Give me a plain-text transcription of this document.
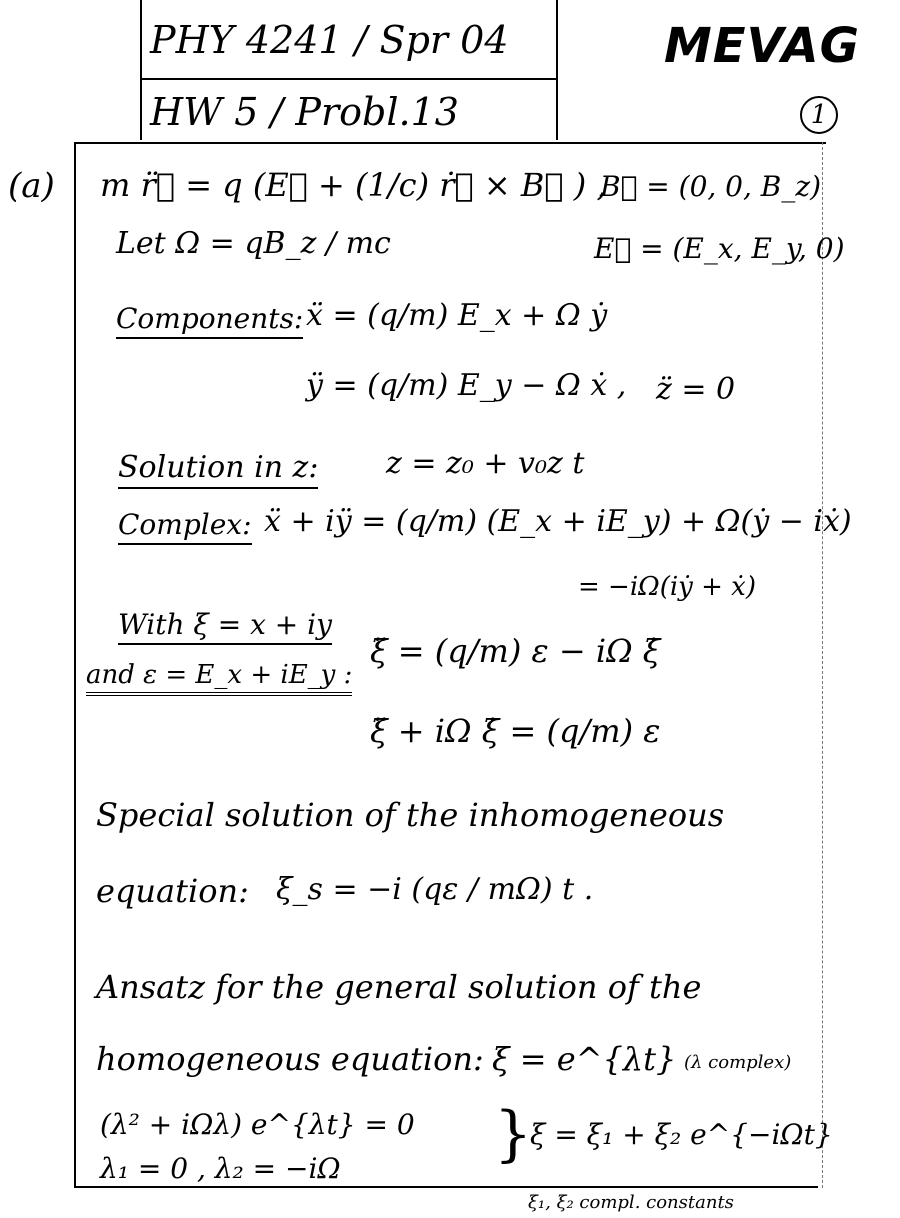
PHY 4241 / Spr 04
HW 5 / Probl.13
MEVAG
1
(a) m r̈⃗ = q (E⃗ + (1/c) ṙ⃗ × B⃗ ) ,
B⃗ = (0, 0, B_z)
Let Ω = qB_z / mc	E⃗ = (E_x, E_y, 0)
Components: ẍ = (q/m) E_x + Ω ẏ
ÿ = (q/m) E_y − Ω ẋ , z̈ = 0
Solution in z: z = z₀ + v₀z t
Complex: ẍ + iÿ = (q/m) (E_x + iE_y) + Ω(ẏ − iẋ)
= −iΩ(iẏ + ẋ)
With ξ = x + iy
and ε = E_x + iE_y :
ξ̈ = (q/m) ε − iΩ ξ̇
ξ̈ + iΩ ξ̇ = (q/m) ε
Special solution of the inhomogeneous
equation: ξ_s = −i (qε / mΩ) t .
Ansatz for the general solution of the
homogeneous equation: ξ = e^{λt} (λ complex)
(λ² + iΩλ) e^{λt} = 0
λ₁ = 0 , λ₂ = −iΩ	}
ξ = ξ₁ + ξ₂ e^{−iΩt}
ξ₁, ξ₂ compl. constants
